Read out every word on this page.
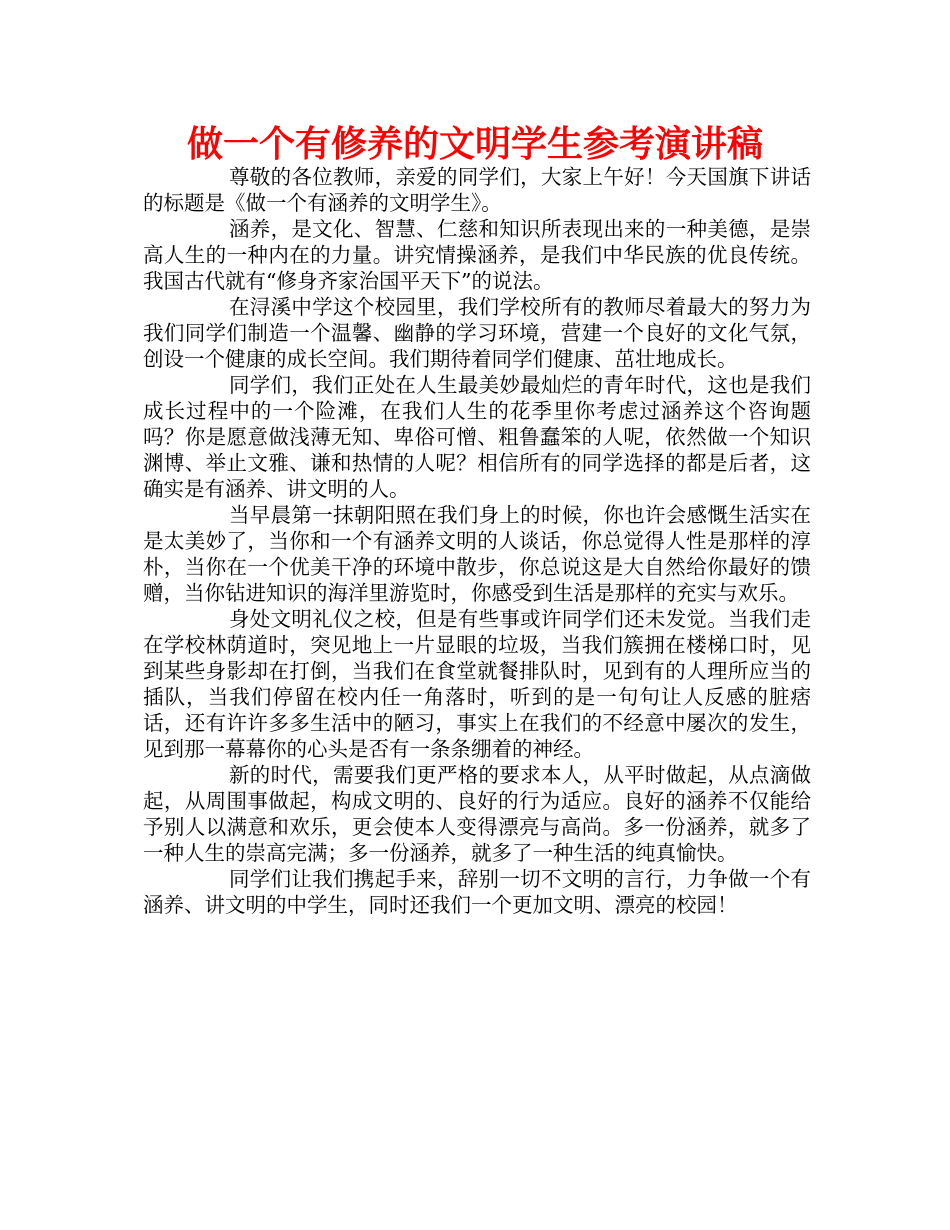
做一个有修养的文明学生参考演讲稿

尊敬的各位教师，亲爱的同学们，大家上午好！今天国旗下讲话的标题是《做一个有涵养的文明学生》。

涵养，是文化、智慧、仁慈和知识所表现出来的一种美德，是崇高人生的一种内在的力量。讲究情操涵养，是我们中华民族的优良传统。我国古代就有“修身齐家治国平天下”的说法。

在浔溪中学这个校园里，我们学校所有的教师尽着最大的努力为我们同学们制造一个温馨、幽静的学习环境，营建一个良好的文化气氛，创设一个健康的成长空间。我们期待着同学们健康、茁壮地成长。

同学们，我们正处在人生最美妙最灿烂的青年时代，这也是我们成长过程中的一个险滩，在我们人生的花季里你考虑过涵养这个咨询题吗？你是愿意做浅薄无知、卑俗可憎、粗鲁蠢笨的人呢，依然做一个知识渊博、举止文雅、谦和热情的人呢？相信所有的同学选择的都是后者，这确实是有涵养、讲文明的人。

当早晨第一抹朝阳照在我们身上的时候，你也许会感慨生活实在是太美妙了，当你和一个有涵养文明的人谈话，你总觉得人性是那样的淳朴，当你在一个优美干净的环境中散步，你总说这是大自然给你最好的馈赠，当你钻进知识的海洋里游览时，你感受到生活是那样的充实与欢乐。

身处文明礼仪之校，但是有些事或许同学们还未发觉。当我们走在学校林荫道时，突见地上一片显眼的垃圾，当我们簇拥在楼梯口时，见到某些身影却在打倒，当我们在食堂就餐排队时，见到有的人理所应当的插队，当我们停留在校内任一角落时，听到的是一句句让人反感的脏痞话，还有许许多多生活中的陋习，事实上在我们的不经意中屡次的发生，见到那一幕幕你的心头是否有一条条绷着的神经。

新的时代，需要我们更严格的要求本人，从平时做起，从点滴做起，从周围事做起，构成文明的、良好的行为适应。良好的涵养不仅能给予别人以满意和欢乐，更会使本人变得漂亮与高尚。多一份涵养，就多了一种人生的崇高完满；多一份涵养，就多了一种生活的纯真愉快。

同学们让我们携起手来，辞别一切不文明的言行，力争做一个有涵养、讲文明的中学生，同时还我们一个更加文明、漂亮的校园！
